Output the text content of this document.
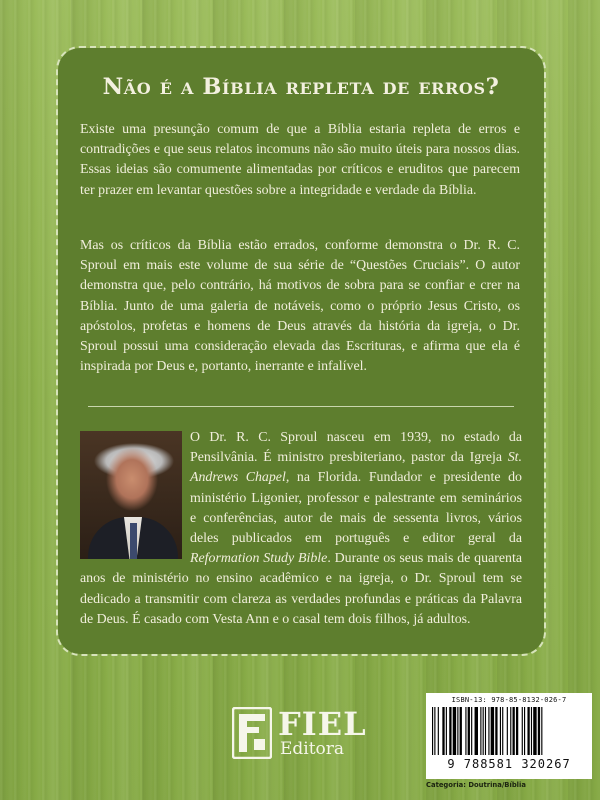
Não é a Bíblia repleta de erros?

Existe uma presunção comum de que a Bíblia estaria repleta de erros e contradições e que seus relatos incomuns não são muito úteis para nossos dias. Essas ideias são comumente alimentadas por críticos e eruditos que parecem ter prazer em levantar questões sobre a integridade e verdade da Bíblia.

Mas os críticos da Bíblia estão errados, conforme demonstra o Dr. R. C. Sproul em mais este volume de sua série de “Questões Cruciais”. O autor demonstra que, pelo contrário, há motivos de sobra para se confiar e crer na Bíblia. Junto de uma galeria de notáveis, como o próprio Jesus Cristo, os apóstolos, profetas e homens de Deus através da história da igreja, o Dr. Sproul possui uma consideração elevada das Escrituras, e afirma que ela é inspirada por Deus e, portanto, inerrante e infalível.

O Dr. R. C. Sproul nasceu em 1939, no estado da Pensilvânia. É ministro presbiteriano, pastor da Igreja St. Andrews Chapel, na Florida. Fundador e presidente do ministério Ligonier, professor e palestrante em seminários e conferências, autor de mais de sessenta livros, vários deles publicados em português e editor geral da Reformation Study Bible. Durante os seus mais de quarenta anos de ministério no ensino acadêmico e na igreja, o Dr. Sproul tem se dedicado a transmitir com clareza as verdades profundas e práticas da Palavra de Deus. É casado com Vesta Ann e o casal tem dois filhos, já adultos.

FIEL
Editora
ISBN-13: 978-85-8132-026-7
9 788581 320267
Categoria: Doutrina/Bíblia
